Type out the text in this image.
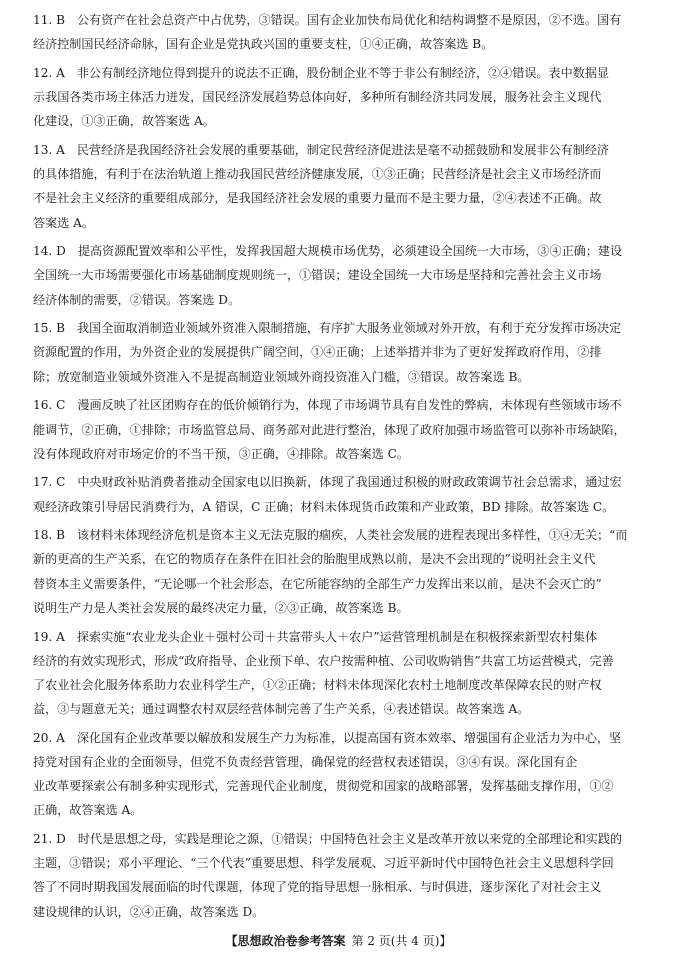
11. B　公有资产在社会总资产中占优势，③错误。国有企业加快布局优化和结构调整不是原因，②不选。国有
经济控制国民经济命脉，国有企业是党执政兴国的重要支柱，①④正确，故答案选 B。
12. A　非公有制经济地位得到提升的说法不正确，股份制企业不等于非公有制经济，②④错误。表中数据显
示我国各类市场主体活力迸发，国民经济发展趋势总体向好，多种所有制经济共同发展，服务社会主义现代
化建设，①③正确，故答案选 A。
13. A　民营经济是我国经济社会发展的重要基础，制定民营经济促进法是毫不动摇鼓励和发展非公有制经济
的具体措施，有利于在法治轨道上推动我国民营经济健康发展，①③正确；民营经济是社会主义市场经济而
不是社会主义经济的重要组成部分，是我国经济社会发展的重要力量而不是主要力量，②④表述不正确。故
答案选 A。
14. D　提高资源配置效率和公平性，发挥我国超大规模市场优势，必须建设全国统一大市场，③④正确；建设
全国统一大市场需要强化市场基础制度规则统一，①错误；建设全国统一大市场是坚持和完善社会主义市场
经济体制的需要，②错误。答案选 D。
15. B　我国全面取消制造业领域外资准入限制措施，有序扩大服务业领域对外开放，有利于充分发挥市场决定
资源配置的作用，为外资企业的发展提供广阔空间，①④正确；上述举措并非为了更好发挥政府作用，②排
除；放宽制造业领域外资准入不是提高制造业领域外商投资准入门槛，③错误。故答案选 B。
16. C　漫画反映了社区团购存在的低价倾销行为，体现了市场调节具有自发性的弊病，未体现有些领域市场不
能调节，②正确，①排除；市场监管总局、商务部对此进行整治，体现了政府加强市场监管可以弥补市场缺陷，
没有体现政府对市场定价的不当干预，③正确，④排除。故答案选 C。
17. C　中央财政补贴消费者推动全国家电以旧换新，体现了我国通过积极的财政政策调节社会总需求，通过宏
观经济政策引导居民消费行为，A 错误，C 正确；材料未体现货币政策和产业政策，BD 排除。故答案选 C。
18. B　该材料未体现经济危机是资本主义无法克服的痼疾，人类社会发展的进程表现出多样性，①④无关；“而
新的更高的生产关系，在它的物质存在条件在旧社会的胎胞里成熟以前，是决不会出现的”说明社会主义代
替资本主义需要条件，“无论哪一个社会形态，在它所能容纳的全部生产力发挥出来以前，是决不会灭亡的”
说明生产力是人类社会发展的最终决定力量，②③正确，故答案选 B。
19. A　探索实施“农业龙头企业＋强村公司＋共富带头人＋农户”运营管理机制是在积极探索新型农村集体
经济的有效实现形式，形成“政府指导、企业预下单、农户按需种植、公司收购销售”共富工坊运营模式，完善
了农业社会化服务体系助力农业科学生产，①②正确；材料未体现深化农村土地制度改革保障农民的财产权
益，③与题意无关；通过调整农村双层经营体制完善了生产关系，④表述错误。故答案选 A。
20. A　深化国有企业改革要以解放和发展生产力为标准，以提高国有资本效率、增强国有企业活力为中心，坚
持党对国有企业的全面领导，但党不负责经营管理，确保党的经营权表述错误，③④有误。深化国有企
业改革要探索公有制多种实现形式，完善现代企业制度，贯彻党和国家的战略部署，发挥基础支撑作用，①②
正确，故答案选 A。
21. D　时代是思想之母，实践是理论之源，①错误；中国特色社会主义是改革开放以来党的全部理论和实践的
主题，③错误；邓小平理论、“三个代表”重要思想、科学发展观、习近平新时代中国特色社会主义思想科学回
答了不同时期我国发展面临的时代课题，体现了党的指导思想一脉相承、与时俱进，逐步深化了对社会主义
建设规律的认识，②④正确，故答案选 D。
【思想政治卷参考答案  第 2 页(共 4 页)】
